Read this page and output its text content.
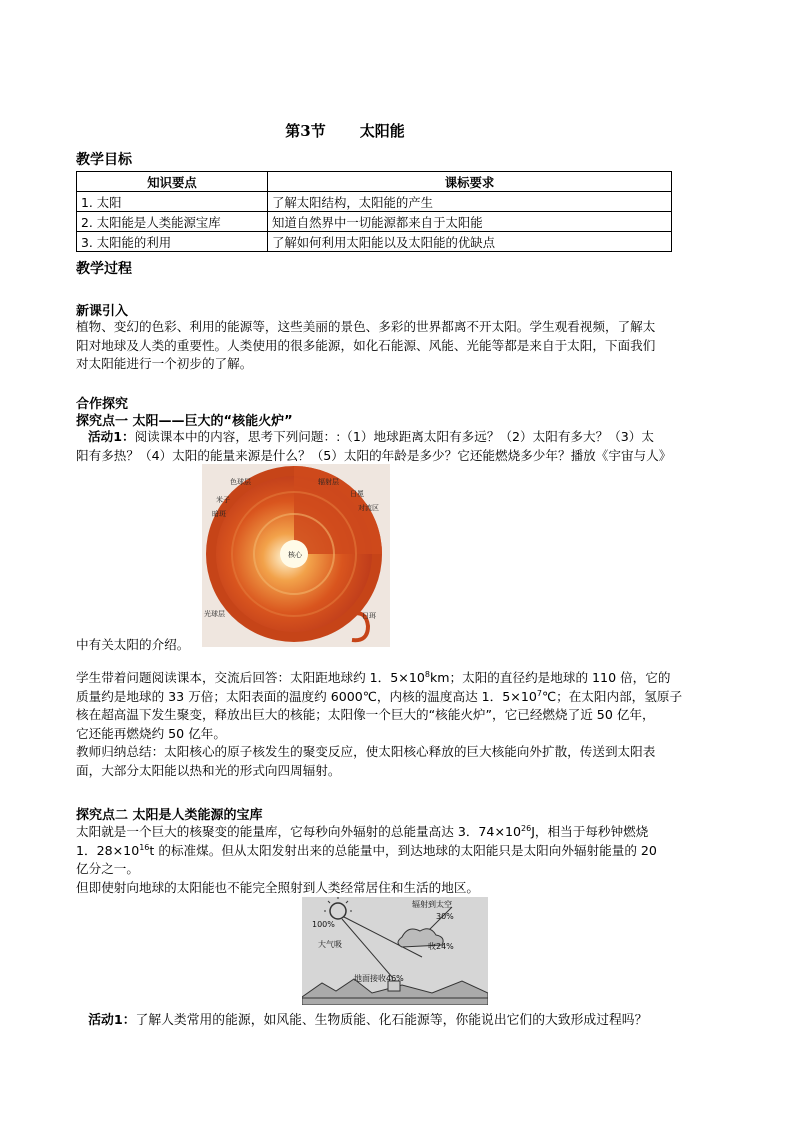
第3节 太阳能
教学目标
知识要点	课标要求
1. 太阳	了解太阳结构，太阳能的产生
2. 太阳能是人类能源宝库	知道自然界中一切能源都来自于太阳能
3. 太阳能的利用	了解如何利用太阳能以及太阳能的优缺点
教学过程
新课引入
植物、变幻的色彩、利用的能源等，这些美丽的景色、多彩的世界都离不开太阳。学生观看视频，了解太
阳对地球及人类的重要性。人类使用的很多能源，如化石能源、风能、光能等都是来自于太阳，下面我们
对太阳能进行一个初步的了解。
合作探究
探究点一 太阳——巨大的“核能火炉”
活动1：阅读课本中的内容，思考下列问题：:（1）地球距离太阳有多远？（2）太阳有多大？（3）太
阳有多热？（4）太阳的能量来源是什么？（5）太阳的年龄是多少？它还能燃烧多少年？播放《宇宙与人》
色球层
米子
暗斑
辐射层
日冕
对流区
核心
光球层	日珥
中有关太阳的介绍。
学生带着问题阅读课本，交流后回答：太阳距地球约 1．$5\times 10^8km$；太阳的直径约是地球的 110 倍，它的
质量约是地球的 33 万倍；太阳表面的温度约 6000℃，内核的温度高达 1．$5\times 10^7℃$；在太阳内部，氢原子
核在超高温下发生聚变，释放出巨大的核能；太阳像一个巨大的“核能火炉”，它已经燃烧了近 50 亿年，
它还能再燃烧约 50 亿年。
教师归纳总结：太阳核心的原子核发生的聚变反应，使太阳核心释放的巨大核能向外扩散，传送到太阳表
面，大部分太阳能以热和光的形式向四周辐射。
探究点二 太阳是人类能源的宝库
太阳就是一个巨大的核聚变的能量库，它每秒向外辐射的总能量高达 3．$74\times 10^{26}J$，相当于每秒钟燃烧
1．$28\times 10^{16}t$ 的标准煤。但从太阳发射出来的总能量中，到达地球的太阳能只是太阳向外辐射能量的 20
亿分之一。
但即使射向地球的太阳能也不能完全照射到人类经常居住和生活的地区。
100%
辐射到太空
30%
大气吸	收24%
地面接收46%
活动1：了解人类常用的能源，如风能、生物质能、化石能源等，你能说出它们的大致形成过程吗？
